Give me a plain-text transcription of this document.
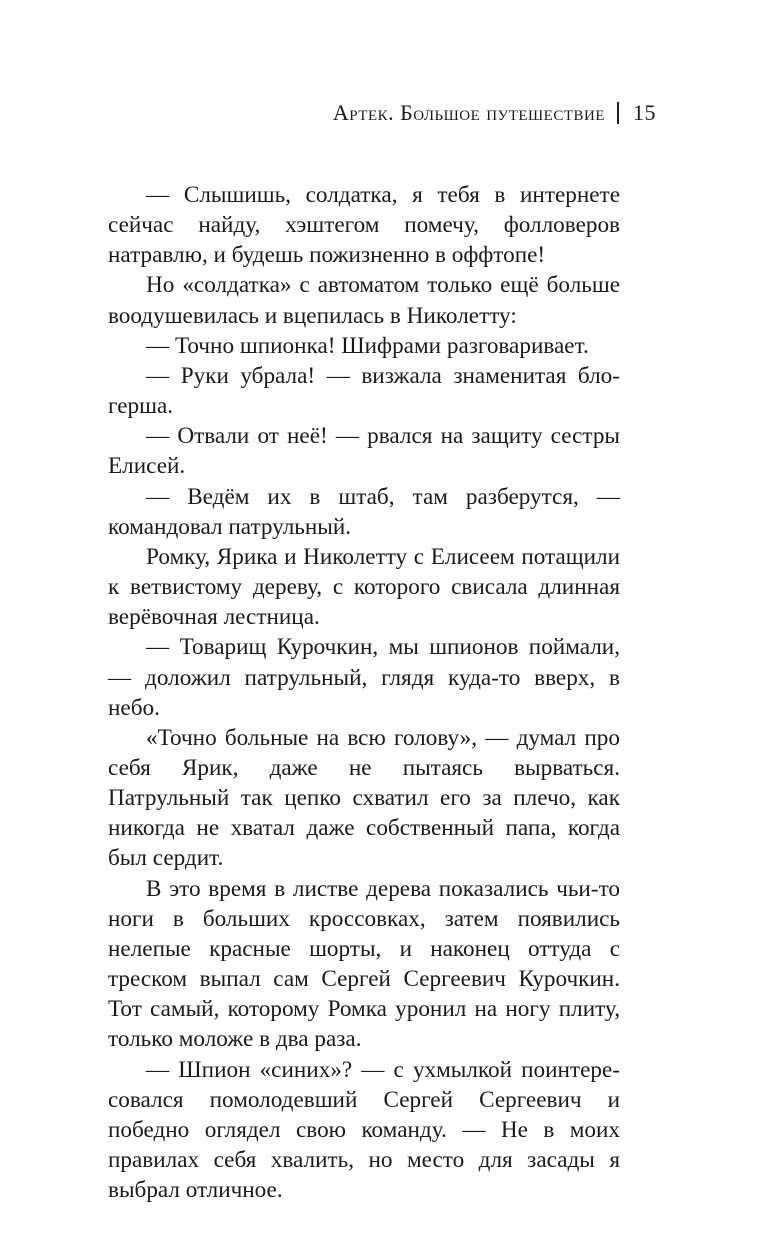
Артек. Большое путешествие 15

— Слышишь, солдатка, я тебя в интернете сейчас найду, хэштегом помечу, фолловеров натравлю, и будешь пожизненно в оффтопе!

Но «солдатка» с автоматом только ещё больше воодушевилась и вцепилась в Николетту:

— Точно шпионка! Шифрами разговаривает.

— Руки убрала! — визжала знаменитая блогерша.

— Отвали от неё! — рвался на защиту сестры Елисей.

— Ведём их в штаб, там разберутся, — командовал патрульный.

Ромку, Ярика и Николетту с Елисеем потащили к ветвистому дереву, с которого свисала длинная верёвочная лестница.

— Товарищ Курочкин, мы шпионов поймали, — доложил патрульный, глядя куда-то вверх, в небо.

«Точно больные на всю голову», — думал про себя Ярик, даже не пытаясь вырваться. Патрульный так цепко схватил его за плечо, как никогда не хватал даже собственный папа, когда был сердит.

В это время в листве дерева показались чьи-то ноги в больших кроссовках, затем появились нелепые красные шорты, и наконец оттуда с треском выпал сам Сергей Сергеевич Курочкин. Тот самый, которому Ромка уронил на ногу плиту, только моложе в два раза.

— Шпион «синих»? — с ухмылкой поинтересовался помолодевший Сергей Сергеевич и победно оглядел свою команду. — Не в моих правилах себя хвалить, но место для засады я выбрал отличное.
